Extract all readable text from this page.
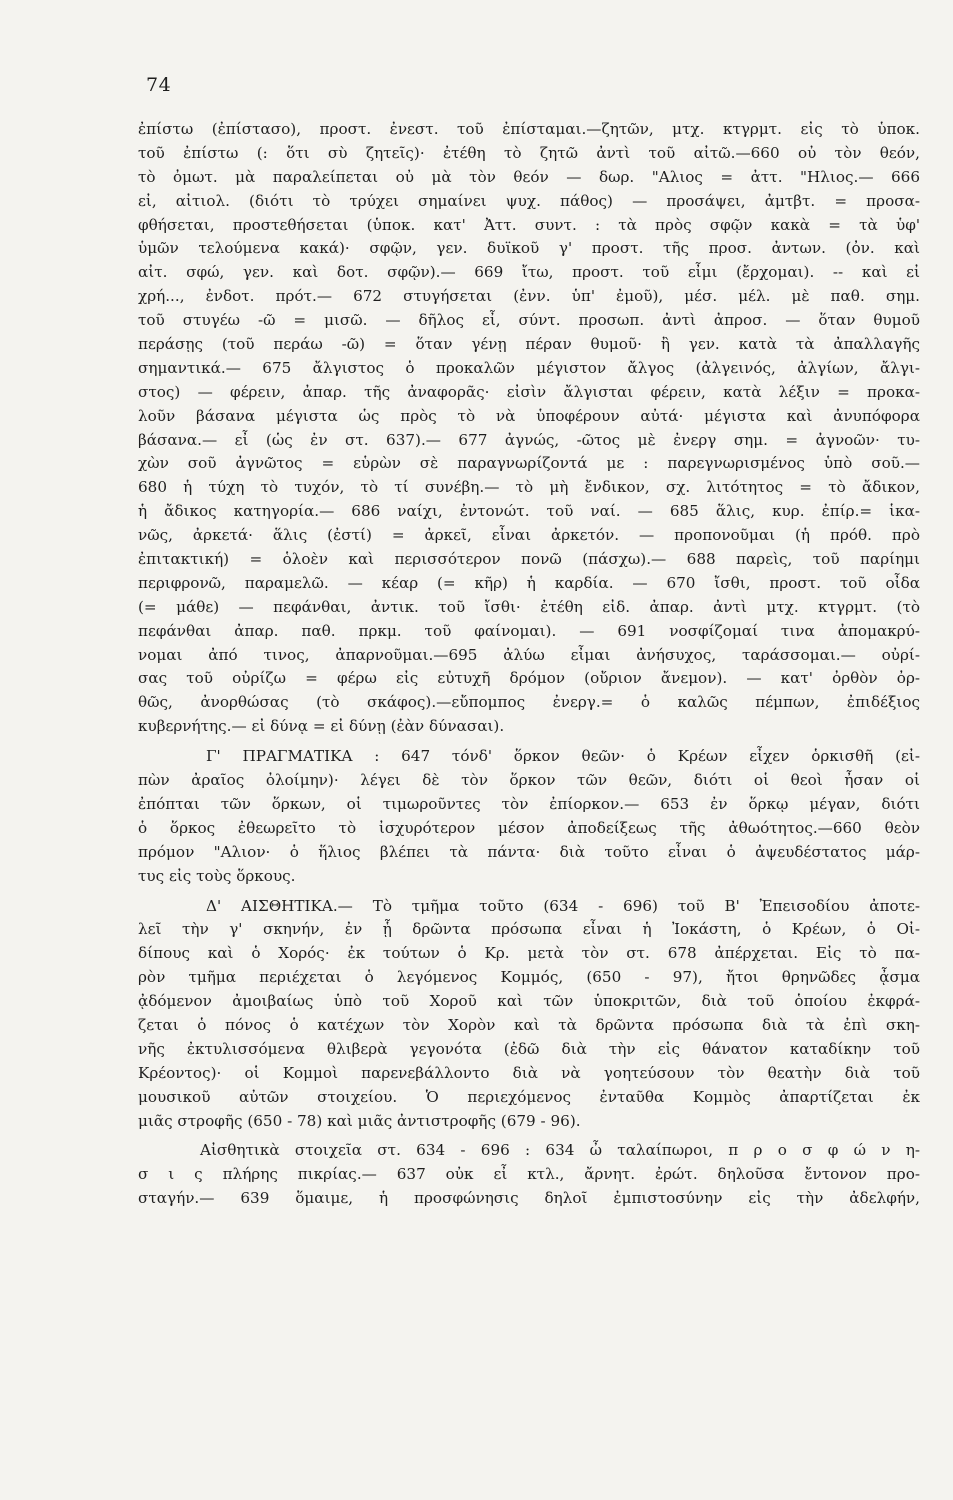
74
ἐπίστω (ἐπίστασο), προστ. ἐνεστ. τοῦ ἐπίσταμαι.—ζητῶν, μτχ. κτγρμτ. εἰς τὸ ὑποκ.
τοῦ ἐπίστω (: ὅτι σὺ ζητεῖς)· ἐτέθη τὸ ζητῶ ἀντὶ τοῦ αἰτῶ.—660 οὐ τὸν θεόν,
τὸ ὀμωτ. μὰ παραλείπεται οὐ μὰ τὸν θεόν — δωρ. "Αλιος = ἀττ. "Ηλιος.— 666
εἰ, αἰτιολ. (διότι τὸ τρύχει σημαίνει ψυχ. πάθος) — προσάψει, ἀμτβτ. = προσα-
φθήσεται, προστεθήσεται (ὑποκ. κατ' Ἀττ. συντ. : τὰ πρὸς σφῷν κακὰ = τὰ ὑφ'
ὑμῶν τελούμενα κακά)· σφῷν, γεν. δυϊκοῦ γ' προστ. τῆς προσ. ἀντων. (ὀν. καὶ
αἰτ. σφώ, γεν. καὶ δοτ. σφῷν).— 669 ἴτω, προστ. τοῦ εἶμι (ἔρχομαι). -- καὶ εἰ
χρή..., ἐνδοτ. πρότ.— 672 στυγήσεται (ἐνν. ὑπ' ἐμοῦ), μέσ. μέλ. μὲ παθ. σημ.
τοῦ στυγέω -ῶ = μισῶ. — δῆλος εἶ, σύντ. προσωπ. ἀντὶ ἀπροσ. — ὅταν θυμοῦ
περάσῃς (τοῦ περάω -ῶ) = ὅταν γένῃ πέραν θυμοῦ· ἢ γεν. κατὰ τὰ ἀπαλλαγῆς
σημαντικά.— 675 ἄλγιστος ὁ προκαλῶν μέγιστον ἄλγος (ἀλγεινός, ἀλγίων, ἄλγι-
στος) — φέρειν, ἀπαρ. τῆς ἀναφορᾶς· εἰσὶν ἄλγισται φέρειν, κατὰ λέξιν = προκα-
λοῦν βάσανα μέγιστα ὡς πρὸς τὸ νὰ ὑποφέρουν αὐτά· μέγιστα καὶ ἀνυπόφορα
βάσανα.— εἶ (ὡς ἐν στ. 637).— 677 ἀγνώς, -ῶτος μὲ ἐνεργ σημ. = ἀγνοῶν· τυ-
χὼν σοῦ ἀγνῶτος = εὑρὼν σὲ παραγνωρίζοντά με : παρεγνωρισμένος ὑπὸ σοῦ.—
680 ἡ τύχη τὸ τυχόν, τὸ τί συνέβη.— τὸ μὴ ἔνδικον, σχ. λιτότητος = τὸ ἄδικον,
ἡ ἄδικος κατηγορία.— 686 ναίχι, ἐντονώτ. τοῦ ναί. — 685 ἅλις, κυρ. ἐπίρ.= ἱκα-
νῶς, ἀρκετά· ἅλις (ἐστί) = ἀρκεῖ, εἶναι ἀρκετόν. — προπονοῦμαι (ἡ πρόθ. πρὸ
ἐπιτακτική) = ὁλοὲν καὶ περισσότερον πονῶ (πάσχω).— 688 παρεὶς, τοῦ παρίημι
περιφρονῶ, παραμελῶ. — κέαρ (= κῆρ) ἡ καρδία. — 670 ἴσθι, προστ. τοῦ οἶδα
(= μάθε) — πεφάνθαι, ἀντικ. τοῦ ἴσθι· ἐτέθη εἰδ. ἀπαρ. ἀντὶ μτχ. κτγρμτ. (τὸ
πεφάνθαι ἀπαρ. παθ. πρκμ. τοῦ φαίνομαι). — 691 νοσφίζομαί τινα ἀπομακρύ-
νομαι ἀπό τινος, ἀπαρνοῦμαι.—695 ἀλύω εἶμαι ἀνήσυχος, ταράσσομαι.— οὐρί-
σας τοῦ οὐρίζω = φέρω εἰς εὐτυχῆ δρόμον (οὔριον ἄνεμον). — κατ' ὀρθὸν ὀρ-
θῶς, ἀνορθώσας (τὸ σκάφος).—εὔπομπος ἐνεργ.= ὁ καλῶς πέμπων, ἐπιδέξιος
κυβερνήτης.— εἰ δύνᾳ = εἰ δύνῃ (ἐὰν δύνασαι).
Γ' ΠΡΑΓΜΑΤΙΚΑ : 647 τόνδ' ὅρκον θεῶν· ὁ Κρέων εἶχεν ὁρκισθῆ (εἰ-
πὼν ἀραῖος ὀλοίμην)· λέγει δὲ τὸν ὅρκον τῶν θεῶν, διότι οἱ θεοὶ ἦσαν οἱ
ἐπόπται τῶν ὅρκων, οἱ τιμωροῦντες τὸν ἐπίορκον.— 653 ἐν ὅρκῳ μέγαν, διότι
ὁ ὅρκος ἐθεωρεῖτο τὸ ἰσχυρότερον μέσον ἀποδείξεως τῆς ἀθωότητος.—660 θεὸν
πρόμον "Αλιον· ὁ ἥλιος βλέπει τὰ πάντα· διὰ τοῦτο εἶναι ὁ ἀψευδέστατος μάρ-
τυς εἰς τοὺς ὅρκους.
Δ' ΑΙΣΘΗΤΙΚΑ.— Τὸ τμῆμα τοῦτο (634 - 696) τοῦ Β' Ἐπεισοδίου ἀποτε-
λεῖ τὴν γ' σκηνήν, ἐν ᾗ δρῶντα πρόσωπα εἶναι ἡ Ἰοκάστη, ὁ Κρέων, ὁ Οἰ-
δίπους καὶ ὁ Χορός· ἐκ τούτων ὁ Κρ. μετὰ τὸν στ. 678 ἀπέρχεται. Εἰς τὸ πα-
ρὸν τμῆμα περιέχεται ὁ λεγόμενος Κομμός, (650 - 97), ἤτοι θρηνῶδες ᾆσμα
ᾀδόμενον ἀμοιβαίως ὑπὸ τοῦ Χοροῦ καὶ τῶν ὑποκριτῶν, διὰ τοῦ ὁποίου ἐκφρά-
ζεται ὁ πόνος ὁ κατέχων τὸν Χορὸν καὶ τὰ δρῶντα πρόσωπα διὰ τὰ ἐπὶ σκη-
νῆς ἐκτυλισσόμενα θλιβερὰ γεγονότα (ἐδῶ διὰ τὴν εἰς θάνατον καταδίκην τοῦ
Κρέοντος)· οἱ Κομμοὶ παρενεβάλλοντο διὰ νὰ γοητεύσουν τὸν θεατὴν διὰ τοῦ
μουσικοῦ αὐτῶν στοιχείου. Ὁ περιεχόμενος ἐνταῦθα Κομμὸς ἀπαρτίζεται ἐκ
μιᾶς στροφῆς (650 - 78) καὶ μιᾶς ἀντιστροφῆς (679 - 96).
Αἰσθητικὰ στοιχεῖα στ. 634 - 696 : 634 ὦ ταλαίπωροι, π ρ ο σ φ ώ ν η-
σ ι ς πλήρης πικρίας.— 637 οὐκ εἶ κτλ., ἄρνητ. ἐρώτ. δηλοῦσα ἔντονον προ-
σταγήν.— 639 ὅμαιμε, ἡ προσφώνησις δηλοῖ ἐμπιστοσύνην εἰς τὴν ἀδελφήν,
